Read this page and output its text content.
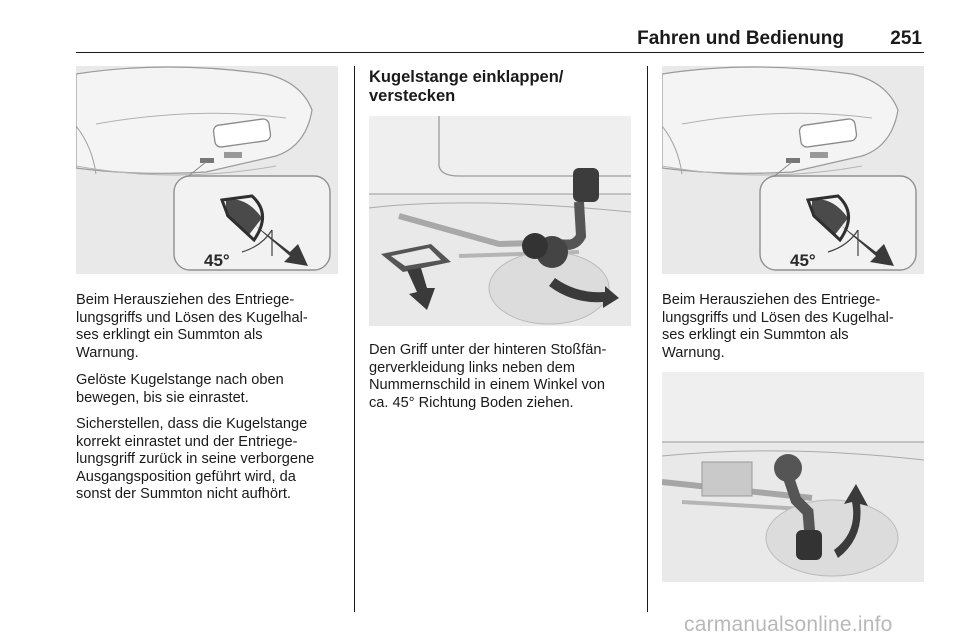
Fahren und Bedienung 251
45°
Beim Herausziehen des Entriege-
lungsgriffs und Lösen des Kugelhal-
ses erklingt ein Summton als
Warnung.
Gelöste Kugelstange nach oben
bewegen, bis sie einrastet.
Sicherstellen, dass die Kugelstange
korrekt einrastet und der Entriege-
lungsgriff zurück in seine verborgene
Ausgangsposition geführt wird, da
sonst der Summton nicht aufhört.
Kugelstange einklappen/
verstecken
Den Griff unter der hinteren Stoßfän-
gerverkleidung links neben dem
Nummernschild in einem Winkel von
ca. 45° Richtung Boden ziehen.
45°
Beim Herausziehen des Entriege-
lungsgriffs und Lösen des Kugelhal-
ses erklingt ein Summton als
Warnung.
carmanualsonline.info
